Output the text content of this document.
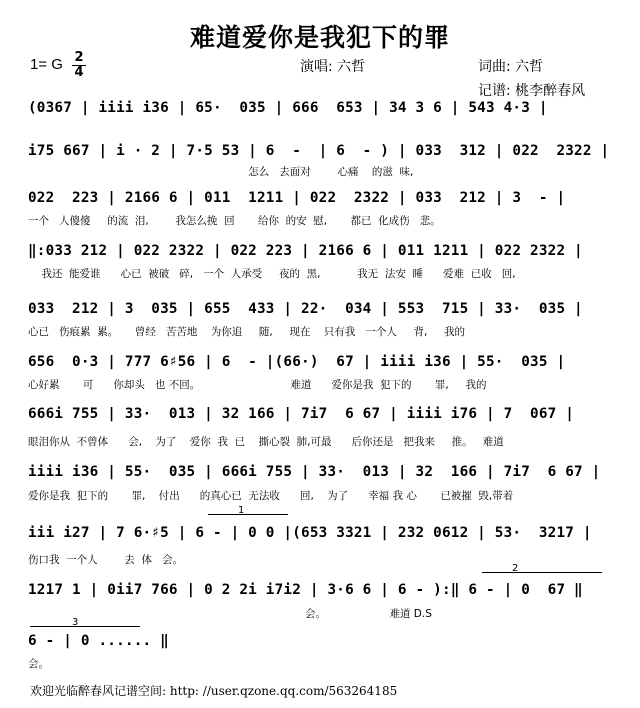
难道爱你是我犯下的罪
1= G 2
4	演唱: 六哲	词曲: 六哲
记谱: 桃李醉春风
(0367 | iiii i36 | 65·  035 | 666  653 | 34 3 6 | 543 4·3 |
i75 667 | i · 2 | 7·5 53 | 6  -  | 6  - ) | 033  312 | 022  2322 |
怎么   去面对        心痛    的滋  味,
022  223 | 2166 6 | 011  1211 | 022  2322 | 033  212 | 3  - |
一个   人傻傻     的流  泪,        我怎么挽  回       给你  的安  慰,       都已  化成伤   悲。
‖:033 212 | 022 2322 | 022 223 | 2166 6 | 011 1211 | 022 2322 |
我还  能爱谁      心已  被破   碎,   一个  人承受     夜的  黑,           我无  法安  睡      爱难  已收   回,
033  212 | 3  035 | 655  433 | 22·  034 | 553  715 | 33·  035 |
心已   伤痕累  累。     曾经   苦苦地    为你追     随,     现在    只有我   一个人     背,     我的
656  0·3 | 777 6♯56 | 6  - |(66·)  67 | iiii i36 | 55·  035 |
心好累       可      你却头   也 不回。                           难道      爱你是我  犯下的       罪,     我的
666i 755 | 33·  013 | 32 166 | 7i7  6 67 | iiii i76 | 7  067 |
眼泪你从  不曾体      会,    为了    爱你  我  已    撕心裂  肺,可最      后你还是   把我来     推。   难道
iiii i36 | 55·  035 | 666i 755 | 33·  013 | 32  166 | 7i7  6 67 |
爱你是我  犯下的       罪,    付出      的真心已  无法收      回,    为了      幸福 我 心       已被摧  毁,带着
1
iii i27 | 7 6·♯5 | 6 - | 0 0 |(653 3321 | 232 0612 | 53·  3217 |
伤口我  一个人        去  体   会。
2
1217 1 | 0ii7 766 | 0 2 2i i7i2 | 3·6 6 | 6 - ):‖ 6 - | 0  67 ‖
会。                   难道 D.S
3
6 - | 0 ...... ‖
会。
欢迎光临醉春风记谱空间: http: //user.qzone.qq.com/563264185
